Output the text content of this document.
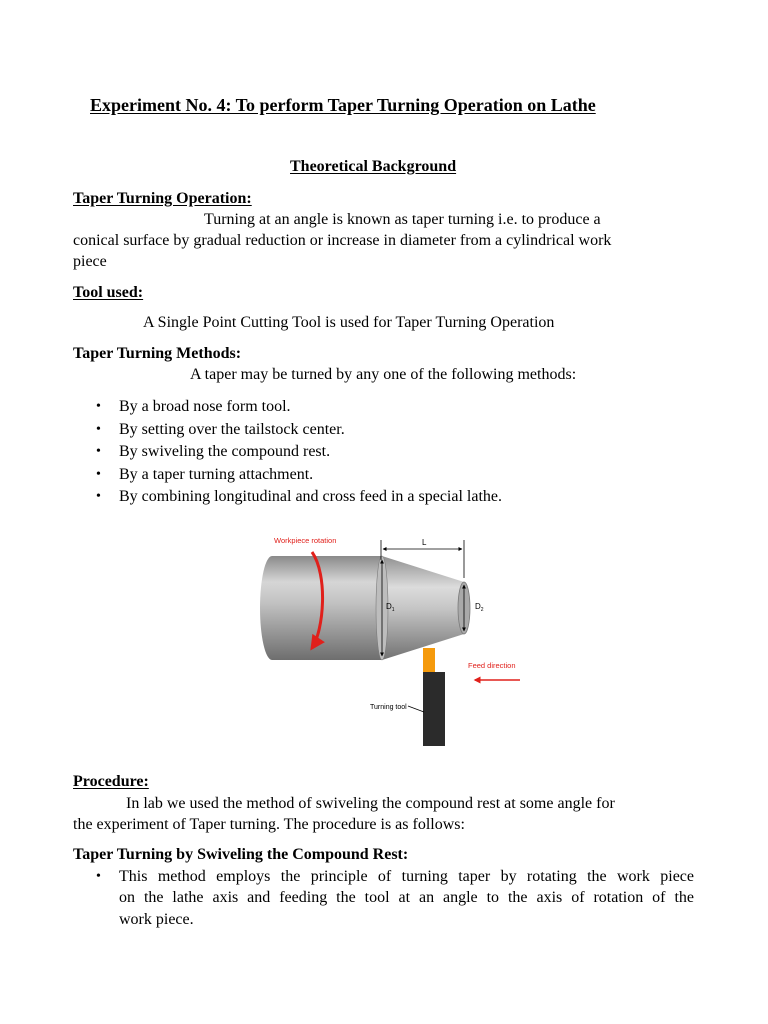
Experiment No. 4: To perform Taper Turning Operation on Lathe
Theoretical Background
Taper Turning Operation:
Turning at an angle is known as taper turning i.e. to produce a
conical surface by gradual reduction or increase in diameter from a cylindrical work
piece
Tool used:
A Single Point Cutting Tool is used for Taper Turning Operation
Taper Turning Methods:
A taper may be turned by any one of the following methods:
• By a broad nose form tool.
• By setting over the tailstock center.
• By swiveling the compound rest.
• By a taper turning attachment.
• By combining longitudinal and cross feed in a special lathe.
Workpiece rotation	L
$D_1$	$D_2$
Feed direction
Turning tool
Procedure:
In lab we used the method of swiveling the compound rest at some angle for
the experiment of Taper turning. The procedure is as follows:
Taper Turning by Swiveling the Compound Rest:
• This method employs the principle of turning taper by rotating the work piece
on the lathe axis and feeding the tool at an angle to the axis of rotation of the
work piece.
